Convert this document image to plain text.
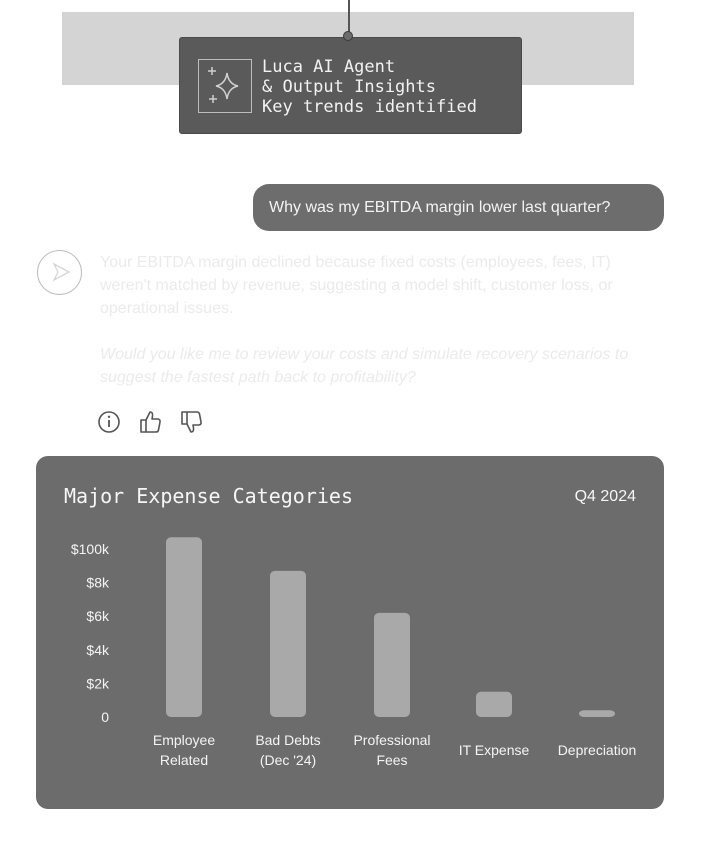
Luca AI Agent
& Output Insights
Key trends identified
Why was my EBITDA margin lower last quarter?

Your EBITDA margin declined because fixed costs (employees, fees, IT) weren't matched by revenue, suggesting a model shift, customer loss, or operational issues.

Would you like me to review your costs and simulate recovery scenarios to suggest the fastest path back to profitability?

0
$2k
$4k
$6k
$8k
$100k
Employee
Related
Bad Debts
(Dec '24)
Professional
Fees
IT Expense Depreciation
Major Expense Categories	Q4 2024
